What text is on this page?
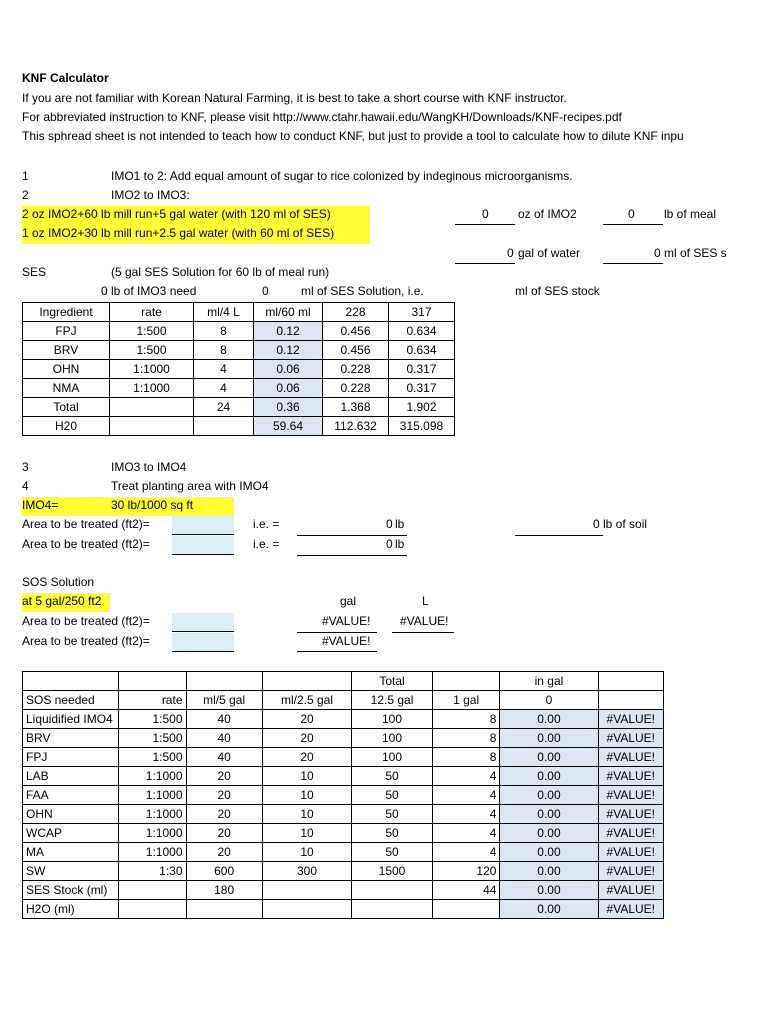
KNF Calculator
If you are not familiar with Korean Natural Farming, it is best to take a short course with KNF instructor.
For abbreviated instruction to KNF, please visit http://www.ctahr.hawaii.edu/WangKH/Downloads/KNF-recipes.pdf
This sphread sheet is not intended to teach how to conduct KNF, but just to provide a tool to calculate how to dilute KNF inpu
1	IMO1 to 2: Add equal amount of sugar to rice colonized by indeginous microorganisms.
2	IMO2 to IMO3:
2 oz IMO2+60 lb mill run+5 gal water (with 120 ml of SES)
1 oz IMO2+30 lb mill run+2.5 gal water (with 60 ml of SES)
0 oz of IMO2	0 lb of meal
0 gal of water	0 ml of SES s
SES	(5 gal SES Solution for 60 lb of meal run)
0 lb of IMO3 need	0	ml of SES Solution, i.e.	ml of SES stock
Ingredient	rate	ml/4 L	ml/60 ml	228	317
FPJ	1:500	8	0.12	0.456	0.634
BRV	1:500	8	0.12	0.456	0.634
OHN	1:1000	4	0.06	0.228	0.317
NMA	1:1000	4	0.06	0.228	0.317
Total		24	0.36	1.368	1.902
H20			59.64	112.632	315.098
3	IMO3 to IMO4
4	Treat planting area with IMO4
IMO4=	30 lb/1000 sq ft
Area to be treated (ft2)=	i.e. =	0 lb	0 lb of soil
Area to be treated (ft2)=	i.e. =	0 lb
SOS Solution
at 5 gal/250 ft2	gal	L
Area to be treated (ft2)=	#VALUE! #VALUE!
Area to be treated (ft2)=	#VALUE!
				Total		in gal	
SOS needed	rate	ml/5 gal	ml/2.5 gal	12.5 gal	1 gal	0	
Liquidified IMO4	1:500	40	20	100	8	0.00	#VALUE!
BRV	1:500	40	20	100	8	0.00	#VALUE!
FPJ	1:500	40	20	100	8	0.00	#VALUE!
LAB	1:1000	20	10	50	4	0.00	#VALUE!
FAA	1:1000	20	10	50	4	0.00	#VALUE!
OHN	1:1000	20	10	50	4	0.00	#VALUE!
WCAP	1:1000	20	10	50	4	0.00	#VALUE!
MA	1:1000	20	10	50	4	0.00	#VALUE!
SW	1:30	600	300	1500	120	0.00	#VALUE!
SES Stock (ml)		180			44	0.00	#VALUE!
H2O (ml)						0.00	#VALUE!
